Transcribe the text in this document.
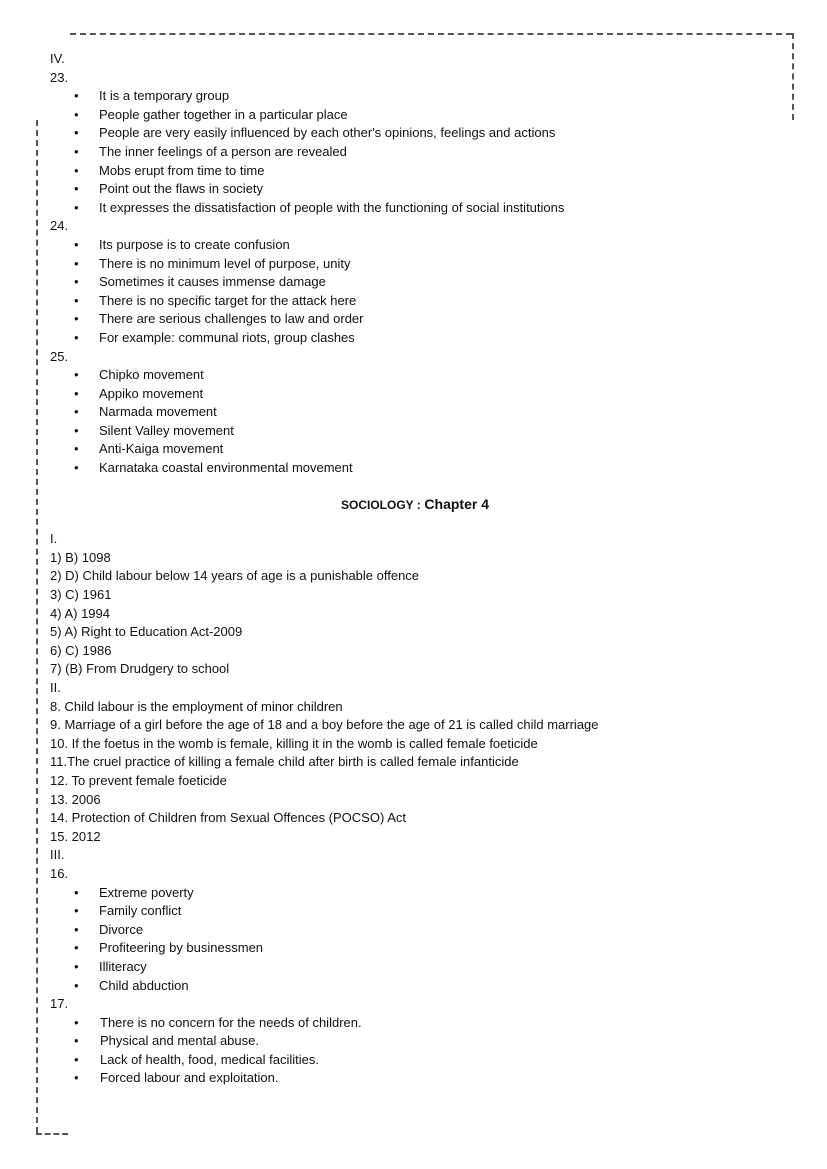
IV.
23.
• It is a temporary group
• People gather together in a particular place
• People are very easily influenced by each other's opinions, feelings and actions
• The inner feelings of a person are revealed
• Mobs erupt from time to time
• Point out the flaws in society
• It expresses the dissatisfaction of people with the functioning of social institutions
24.
• Its purpose is to create confusion
• There is no minimum level of purpose, unity
• Sometimes it causes immense damage
• There is no specific target for the attack here
• There are serious challenges to law and order
• For example: communal riots, group clashes
25.
• Chipko movement
• Appiko movement
• Narmada movement
• Silent Valley movement
• Anti-Kaiga movement
• Karnataka coastal environmental movement
SOCIOLOGY : Chapter 4
I.
1) B) 1098
2) D) Child labour below 14 years of age is a punishable offence
3) C) 1961
4) A) 1994
5) A) Right to Education Act-2009
6) C) 1986
7) (B) From Drudgery to school
II.
8. Child labour is the employment of minor children
9. Marriage of a girl before the age of 18 and a boy before the age of 21 is called child marriage
10. If the foetus in the womb is female, killing it in the womb is called female foeticide
11.The cruel practice of killing a female child after birth is called female infanticide
12. To prevent female foeticide
13. 2006
14. Protection of Children from Sexual Offences (POCSO) Act
15. 2012
III.
16.
• Extreme poverty
• Family conflict
• Divorce
• Profiteering by businessmen
• Illiteracy
• Child abduction
17.
• There is no concern for the needs of children.
• Physical and mental abuse.
• Lack of health, food, medical facilities.
• Forced labour and exploitation.
